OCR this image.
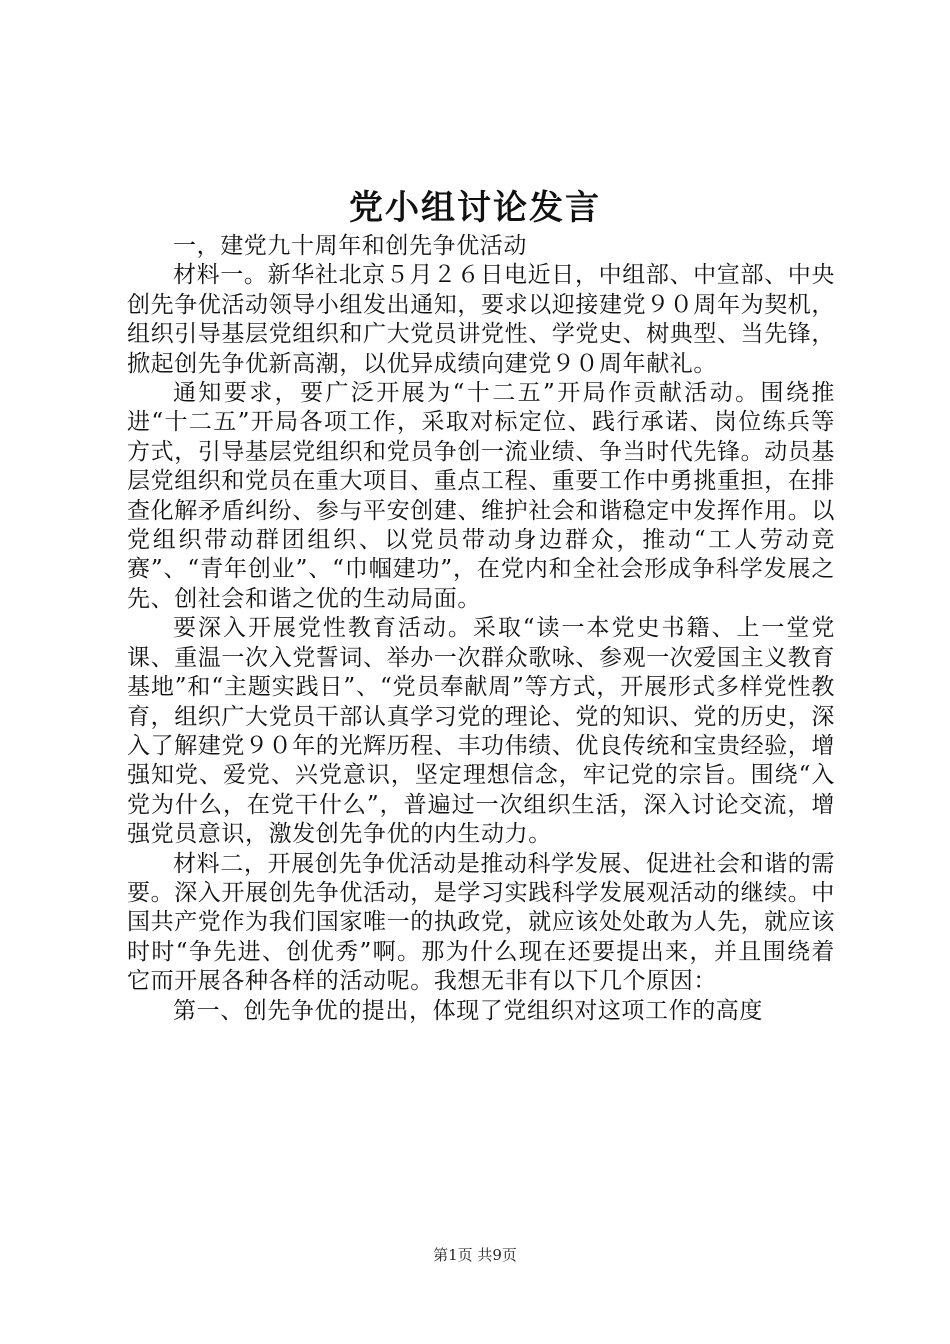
党小组讨论发言

一，建党九十周年和创先争优活动

材料一。新华社北京５月２６日电近日，中组部、中宣部、中央创先争优活动领导小组发出通知，要求以迎接建党９０周年为契机，组织引导基层党组织和广大党员讲党性、学党史、树典型、当先锋，掀起创先争优新高潮，以优异成绩向建党９０周年献礼。

通知要求，要广泛开展为“十二五”开局作贡献活动。围绕推进“十二五”开局各项工作，采取对标定位、践行承诺、岗位练兵等方式，引导基层党组织和党员争创一流业绩、争当时代先锋。动员基层党组织和党员在重大项目、重点工程、重要工作中勇挑重担，在排查化解矛盾纠纷、参与平安创建、维护社会和谐稳定中发挥作用。以党组织带动群团组织、以党员带动身边群众，推动“工人劳动竞赛”、“青年创业”、“巾帼建功”，在党内和全社会形成争科学发展之先、创社会和谐之优的生动局面。

要深入开展党性教育活动。采取“读一本党史书籍、上一堂党课、重温一次入党誓词、举办一次群众歌咏、参观一次爱国主义教育基地”和“主题实践日”、“党员奉献周”等方式，开展形式多样党性教育，组织广大党员干部认真学习党的理论、党的知识、党的历史，深入了解建党９０年的光辉历程、丰功伟绩、优良传统和宝贵经验，增强知党、爱党、兴党意识，坚定理想信念，牢记党的宗旨。围绕“入党为什么，在党干什么”，普遍过一次组织生活，深入讨论交流，增强党员意识，激发创先争优的内生动力。

材料二，开展创先争优活动是推动科学发展、促进社会和谐的需要。深入开展创先争优活动，是学习实践科学发展观活动的继续。中国共产党作为我们国家唯一的执政党，就应该处处敢为人先，就应该时时“争先进、创优秀”啊。那为什么现在还要提出来，并且围绕着它而开展各种各样的活动呢。我想无非有以下几个原因：

第一、创先争优的提出，体现了党组织对这项工作的高度

第1页 共9页
